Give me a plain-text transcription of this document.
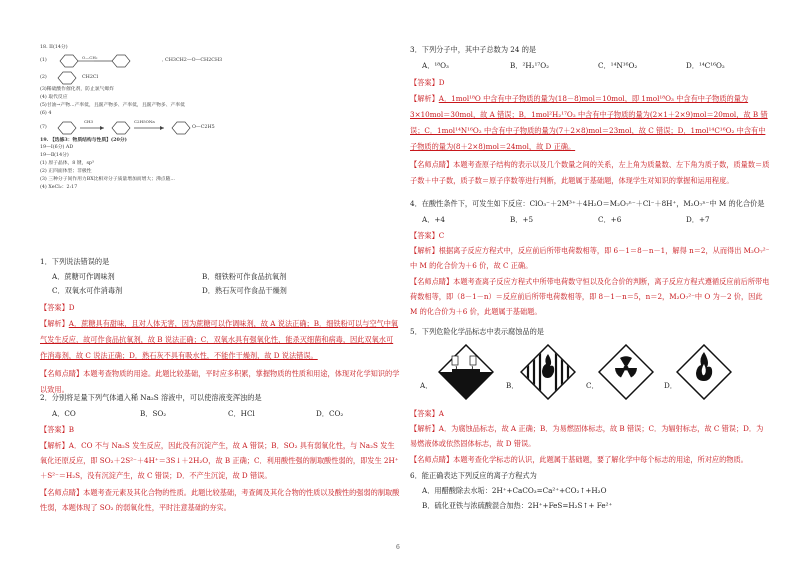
18. II(14分)
(1)
O—CH₂
, CH3CH2—O—CH2CH3
(2)	CH2Cl
(3)稀硫酸作催化剂，防止氯气爆炸
(4) 取代反应
(5)甘油→产物...产率低，且副产物多、产率低，且副产物多、产率低
(6) 4
(7)
CH3	C2H5ONa
O—C2H5
19. 【选修3：物质结构与性质】(20分)
19—Ⅰ(6分) AD
19—Ⅱ(14分)
(1) 原子晶体，8 键，sp³
(2) 正四面体型；非极性
(3) 三种分子间作用力BX比相对分子质量增加而增大；沸点随...
(4) XeCl₂：2:17
1．下列说法错误的是
A．蔗糖可作调味剂	B．细铁粉可作食品抗氧剂
C．双氧水可作消毒剂	D．熟石灰可作食品干燥剂
【答案】D
【解析】A．蔗糖具有甜味，且对人体无害，因为蔗糖可以作调味剂，故 A 说法正确；B．细铁粉可以与空气中氧气发生反应，故可作食品抗氧剂，故 B 说法正确；C．双氧水具有强氧化性，能杀灭细菌和病毒，因此双氧水可作消毒剂，故 C 说法正确；D．熟石灰不具有吸水性，不能作干燥剂，故 D 说法错误。
【名师点睛】本题考查物质的用途。此题比较基础，平时应多积累，掌握物质的性质和用途，体现对化学知识的学以致用。
2．分别将足量下列气体通入稀 Na₂S 溶液中，可以使溶液变浑浊的是
A．CO	B．SO₂	C．HCl	D．CO₂
【答案】B
【解析】A．CO 不与 Na₂S 发生反应，因此没有沉淀产生，故 A 错误；B．SO₂ 具有弱氧化性，与 Na₂S 发生氧化还原反应，即 SO₂＋2S²⁻＋4H⁺＝3S↓＋2H₂O，故 B 正确；C．利用酸性强的制取酸性弱的，即发生 2H⁺＋S²⁻＝H₂S，没有沉淀产生，故 C 错误；D．不产生沉淀，故 D 错误。
【名师点睛】本题考查元素及其化合物的性质。此题比较基础，考查阈及其化合物的性质以及酸性的强弱的制取酸性弱，本题体现了 SO₂ 的弱氧化性，平时注意基础的夯实。
3．下列分子中，其中子总数为 24 的是
A．¹⁸O₃	B．²H₂¹⁷O₂	C．¹⁴N¹⁶O₂	D．¹⁴C¹⁶O₂
【答案】D
【解析】A．1mol¹⁸O 中含有中子物质的量为(18－8)mol＝10mol，即 1mol¹⁸O₃ 中含有中子物质的量为 3×10mol＝30mol，故 A 错误；B．1mol²H₂¹⁷O₂ 中含有中子物质的量为(2×1＋2×9)mol＝20mol，故 B 错误；C．1mol¹⁴N¹⁶O₂ 中含有中子物质的量为(7＋2×8)mol＝23mol，故 C 错误；D．1mol¹⁴C¹⁶O₂ 中含有中子物质的量为(8＋2×8)mol＝24mol，故 D 正确。
【名师点睛】本题考查原子结构的表示以及几个数量之间的关系，左上角为质量数、左下角为质子数，质量数＝质子数＋中子数，质子数＝原子序数等进行判断，此题属于基础题，体现学生对知识的掌握和运用程度。
4．在酸性条件下，可发生如下反应：ClO₃⁻＋2M³⁺＋4H₂O＝M₂O₇ⁿ⁻＋Cl⁻＋8H⁺，M₂O₇ⁿ⁻中 M 的化合价是
A．+4	B．+5	C．+6	D．+7
【答案】C
【解析】根据离子反应方程式中，反应前后所带电荷数相等，即 6－1＝8－n－1，解得 n＝2，从而得出 M₂O₇²⁻中 M 的化合价为＋6 价，故 C 正确。
【名师点睛】本题考查离子反应方程式中所带电荷数守恒以及化合价的判断，离子反应方程式遵循反应前后所带电荷数相等，即（8－1－n）＝反应前后所带电荷数相等，即 8－1－n＝5，n＝2，M₂O₇²⁻中 O 为－2 价，因此 M 的化合价为＋6 价，此题属于基础题。
5．下列危险化学品标志中表示腐蚀品的是
A．	B．	C．	D．
【答案】A
【解析】A．为腐蚀品标志，故 A 正确；B．为易燃固体标志，故 B 错误；C．为辐射标志，故 C 错误；D．为易燃液体或依然固体标志，故 D 错误。
【名师点睛】本题考查化学标志的认识，此题属于基础题，要了解化学中每个标志的用途，所对应的物质。
6．能正确表达下列反应的离子方程式为
A．用醋酸除去水垢：2H⁺+CaCO₃=Ca²⁺+CO₂↑+H₂O
B．硫化亚铁与浓硫酸混合加热：2H⁺+FeS=H₂S↑+ Fe²⁺
6
